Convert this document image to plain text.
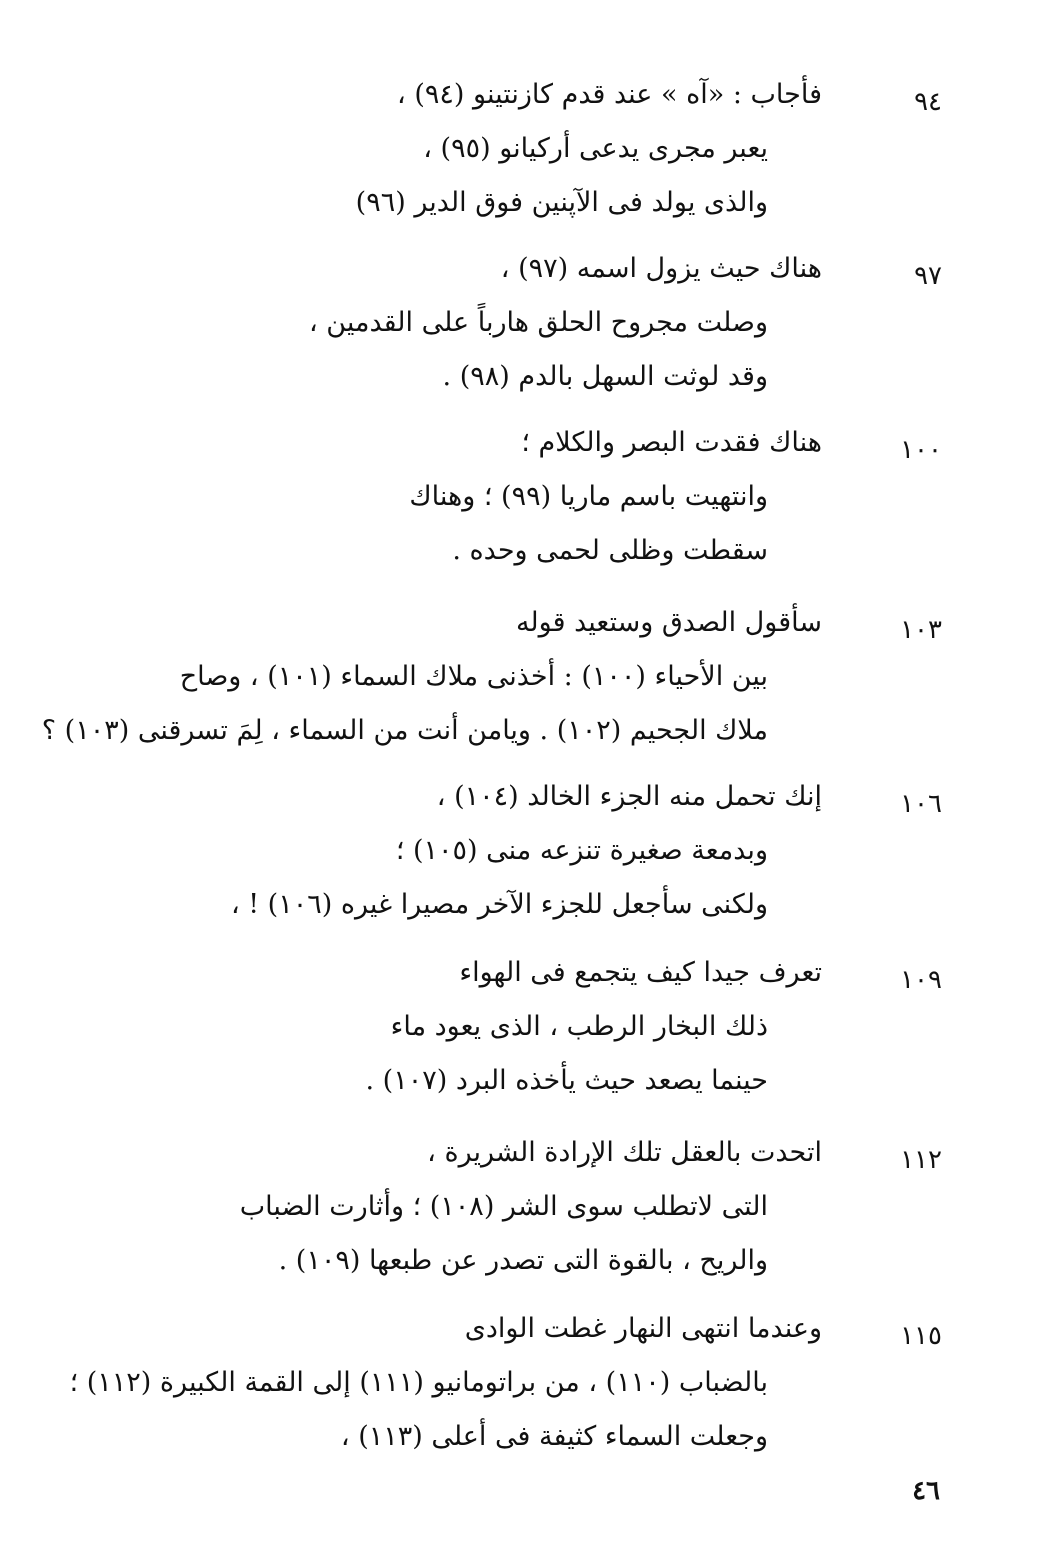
٩٤
فأجاب : «آه » عند قدم كازنتينو (٩٤) ،
يعبر مجرى يدعى أركيانو (٩٥) ،
والذى يولد فى الآپنين فوق الدير (٩٦)
٩٧
هناك حيث يزول اسمه (٩٧) ،
وصلت مجروح الحلق هارباً على القدمين ،
وقد لوثت السهل بالدم (٩٨) .
١٠٠
هناك فقدت البصر والكلام ؛
وانتهيت باسم ماريا (٩٩) ؛ وهناك
سقطت وظلى لحمى وحده .
١٠٣
سأقول الصدق وستعيد قوله
بين الأحياء (١٠٠) : أخذنى ملاك السماء (١٠١) ، وصاح
ملاك الجحيم (١٠٢) . ويامن أنت من السماء ، لِمَ تسرقنى (١٠٣) ؟
١٠٦
إنك تحمل منه الجزء الخالد (١٠٤) ،
وبدمعة صغيرة تنزعه منى (١٠٥) ؛
ولكنى سأجعل للجزء الآخر مصيرا غيره (١٠٦) ! ،
١٠٩
تعرف جيدا كيف يتجمع فى الهواء
ذلك البخار الرطب ، الذى يعود ماء
حينما يصعد حيث يأخذه البرد (١٠٧) .
١١٢
اتحدت بالعقل تلك الإرادة الشريرة ،
التى لاتطلب سوى الشر (١٠٨) ؛ وأثارت الضباب
والريح ، بالقوة التى تصدر عن طبعها (١٠٩) .
١١٥
وعندما انتهى النهار غطت الوادى
بالضباب (١١٠) ، من براتومانيو (١١١) إلى القمة الكبيرة (١١٢) ؛
وجعلت السماء كثيفة فى أعلى (١١٣) ،
٤٦
